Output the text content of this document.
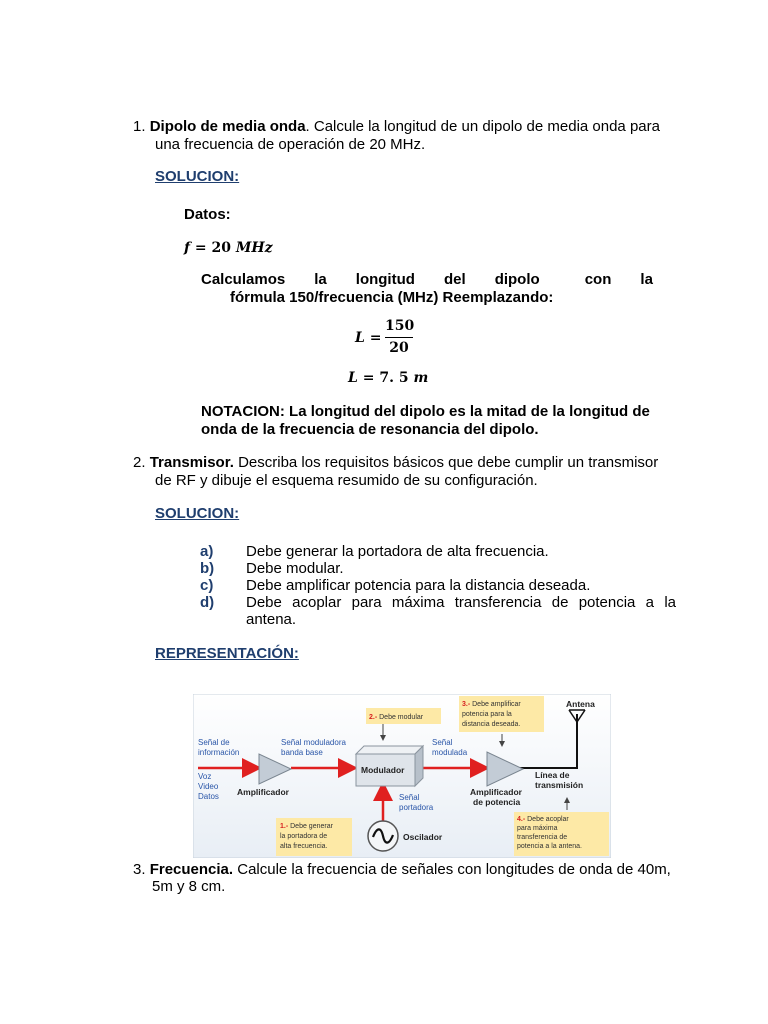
1. Dipolo de media onda. Calcule la longitud de un dipolo de media onda para
una frecuencia de operación de 20 MHz.
SOLUCION:
Datos:
f = 20 MHz
Calculamos la longitud del dipolo	con la
fórmula 150/frecuencia (MHz) Reemplazando:
L =
150
20
L = 7. 5 m
NOTACION: La longitud del dipolo es la mitad de la longitud de
onda de la frecuencia de resonancia del dipolo.
2. Transmisor. Describa los requisitos básicos que debe cumplir un transmisor
de RF y dibuje el esquema resumido de su configuración.
SOLUCION:
a) Debe generar la portadora de alta frecuencia.
b) Debe modular.
c) Debe amplificar potencia para la distancia deseada.
d) Debe acoplar para máxima transferencia de potencia a la
antena.
REPRESENTACIÓN:
Señal de
información
Voz
Video
Datos
Señal moduladora
banda base
Señal
modulada
Señal
portadora
Amplificador
Modulador
Antena
Línea de
transmisión
Amplificador
de potencia
Oscilador
2.- Debe modular
3.- Debe amplificar
potencia para la
distancia deseada.
1.- Debe generar
la portadora de
alta frecuencia.
4.- Debe acoplar
para máxima
transferencia de
potencia a la antena.
3. Frecuencia. Calcule la frecuencia de señales con longitudes de onda de 40m,
5m y 8 cm.
